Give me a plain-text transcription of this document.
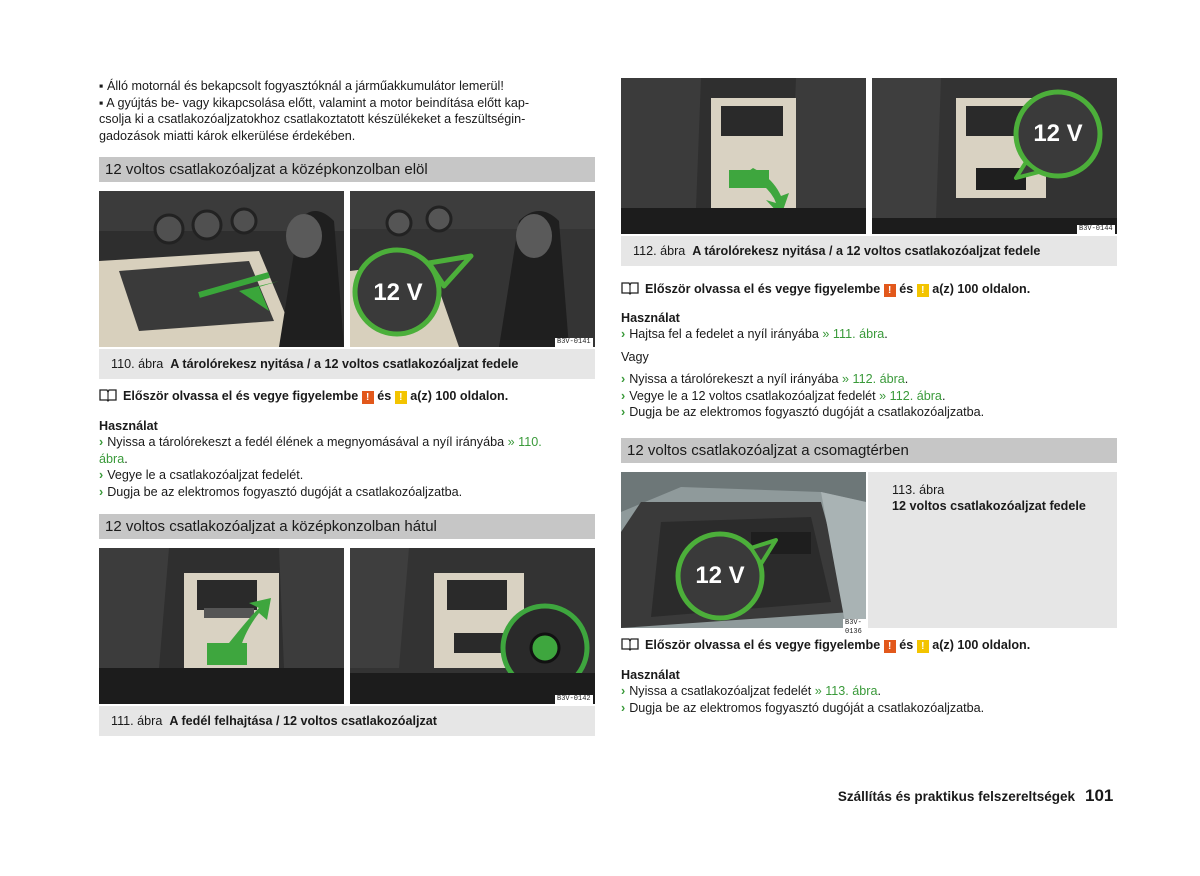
▪ Álló motornál és bekapcsolt fogyasztóknál a járműakkumulátor lemerül!
▪ A gyújtás be- vagy kikapcsolása előtt, valamint a motor beindítása előtt kap-
csolja ki a csatlakozóaljzatokhoz csatlakoztatott készülékeket a feszültségin-
gadozások miatti károk elkerülése érdekében.
12 voltos csatlakozóaljzat a középkonzolban elöl
12 V
B3V-0141
110. ábra A tárolórekesz nyitása / a 12 voltos csatlakozóaljzat fedele
Először olvassa el és vegye figyelembe ! és ! a(z) 100 oldalon.
Használat
› Nyissa a tárolórekeszt a fedél élének a megnyomásával a nyíl irányába » 110.
ábra.
› Vegye le a csatlakozóaljzat fedelét.
› Dugja be az elektromos fogyasztó dugóját a csatlakozóaljzatba.
12 voltos csatlakozóaljzat a középkonzolban hátul
B3V-0142
111. ábra A fedél felhajtása / 12 voltos csatlakozóaljzat
12 V
B3V-0144
112. ábra A tárolórekesz nyitása / a 12 voltos csatlakozóaljzat fedele
Először olvassa el és vegye figyelembe ! és ! a(z) 100 oldalon.
Használat
› Hajtsa fel a fedelet a nyíl irányába » 111. ábra.
Vagy
› Nyissa a tárolórekeszt a nyíl irányába » 112. ábra.
› Vegye le a 12 voltos csatlakozóaljzat fedelét » 112. ábra.
› Dugja be az elektromos fogyasztó dugóját a csatlakozóaljzatba.
12 voltos csatlakozóaljzat a csomagtérben
12 V
B3V-0136
113. ábra
12 voltos csatlakozóaljzat fedele
Először olvassa el és vegye figyelembe ! és ! a(z) 100 oldalon.
Használat
› Nyissa a csatlakozóaljzat fedelét » 113. ábra.
› Dugja be az elektromos fogyasztó dugóját a csatlakozóaljzatba.
Szállítás és praktikus felszereltségek 101
